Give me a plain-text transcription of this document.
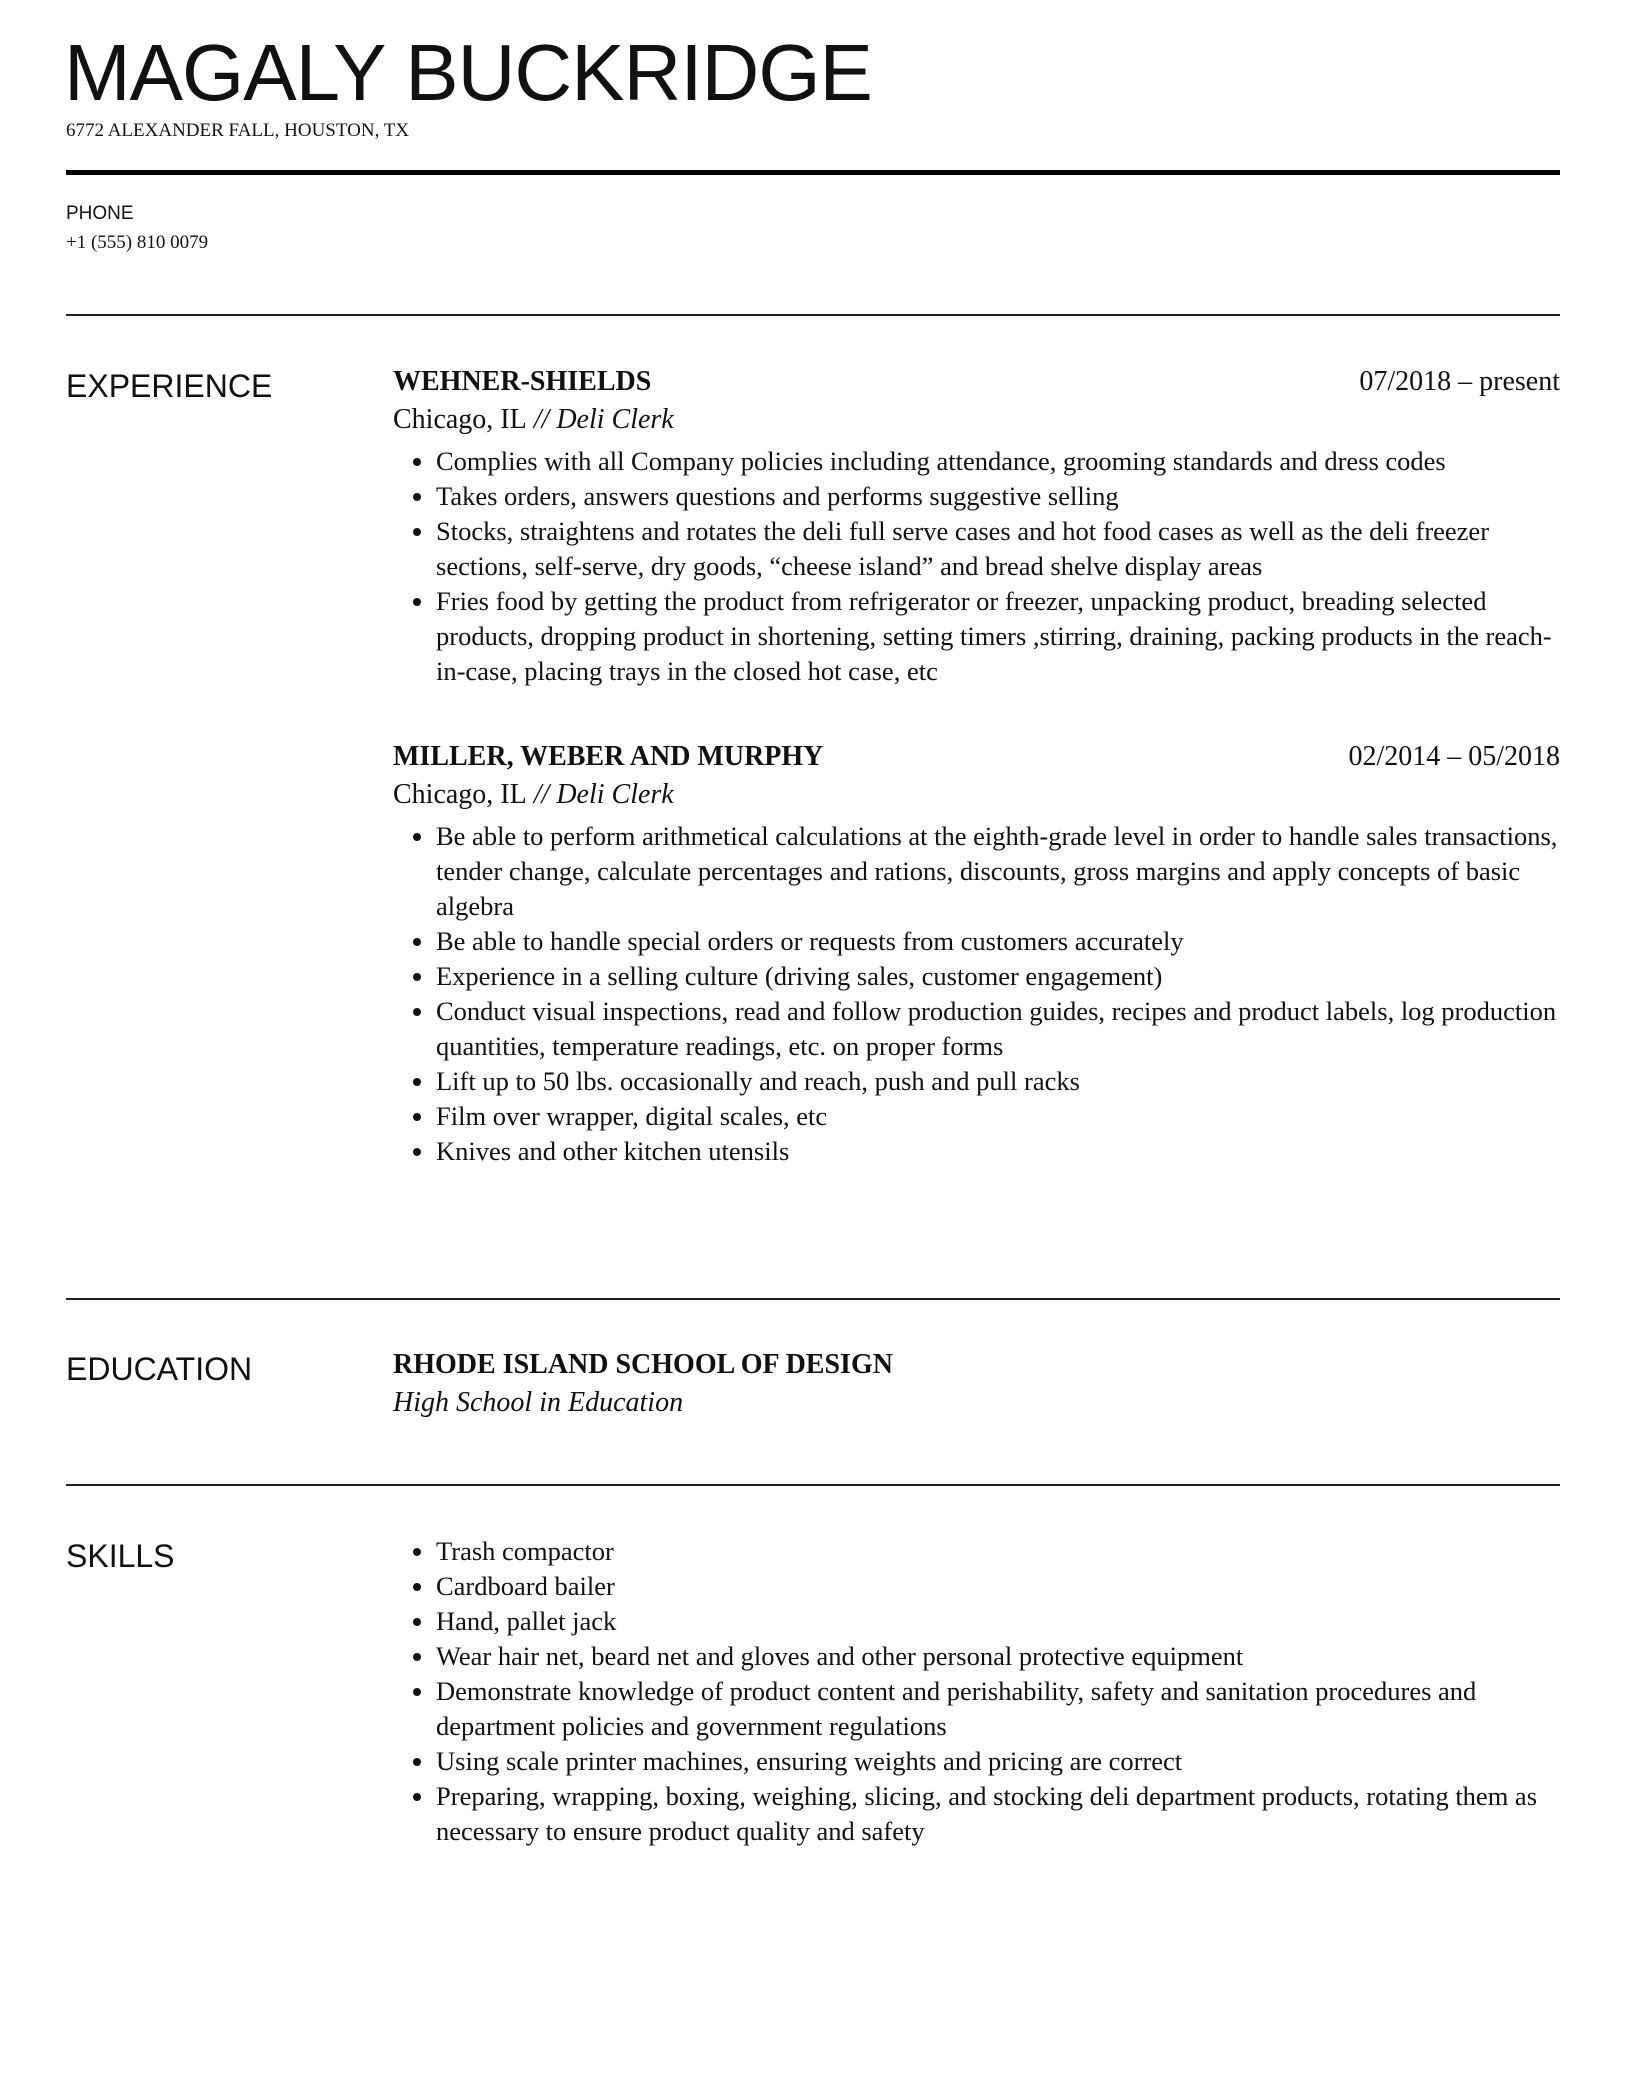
MAGALY BUCKRIDGE
6772 ALEXANDER FALL, HOUSTON, TX
PHONE
+1 (555) 810 0079
EXPERIENCE	WEHNER-SHIELDS	07/2018 – present
Chicago, IL // Deli Clerk
• Complies with all Company policies including attendance, grooming standards and dress codes
• Takes orders, answers questions and performs suggestive selling
• Stocks, straightens and rotates the deli full serve cases and hot food cases as well as the deli freezer sections, self-serve, dry goods, “cheese island” and bread shelve display areas
• Fries food by getting the product from refrigerator or freezer, unpacking product, breading selected products, dropping product in shortening, setting timers ,stirring, draining, packing products in the reach-in-case, placing trays in the closed hot case, etc
MILLER, WEBER AND MURPHY	02/2014 – 05/2018
Chicago, IL // Deli Clerk
• Be able to perform arithmetical calculations at the eighth-grade level in order to handle sales transactions, tender change, calculate percentages and rations, discounts, gross margins and apply concepts of basic algebra
• Be able to handle special orders or requests from customers accurately
• Experience in a selling culture (driving sales, customer engagement)
• Conduct visual inspections, read and follow production guides, recipes and product labels, log production quantities, temperature readings, etc. on proper forms
• Lift up to 50 lbs. occasionally and reach, push and pull racks
• Film over wrapper, digital scales, etc
• Knives and other kitchen utensils
EDUCATION	RHODE ISLAND SCHOOL OF DESIGN
High School in Education
SKILLS	• Trash compactor
• Cardboard bailer
• Hand, pallet jack
• Wear hair net, beard net and gloves and other personal protective equipment
• Demonstrate knowledge of product content and perishability, safety and sanitation procedures and department policies and government regulations
• Using scale printer machines, ensuring weights and pricing are correct
• Preparing, wrapping, boxing, weighing, slicing, and stocking deli department products, rotating them as necessary to ensure product quality and safety
